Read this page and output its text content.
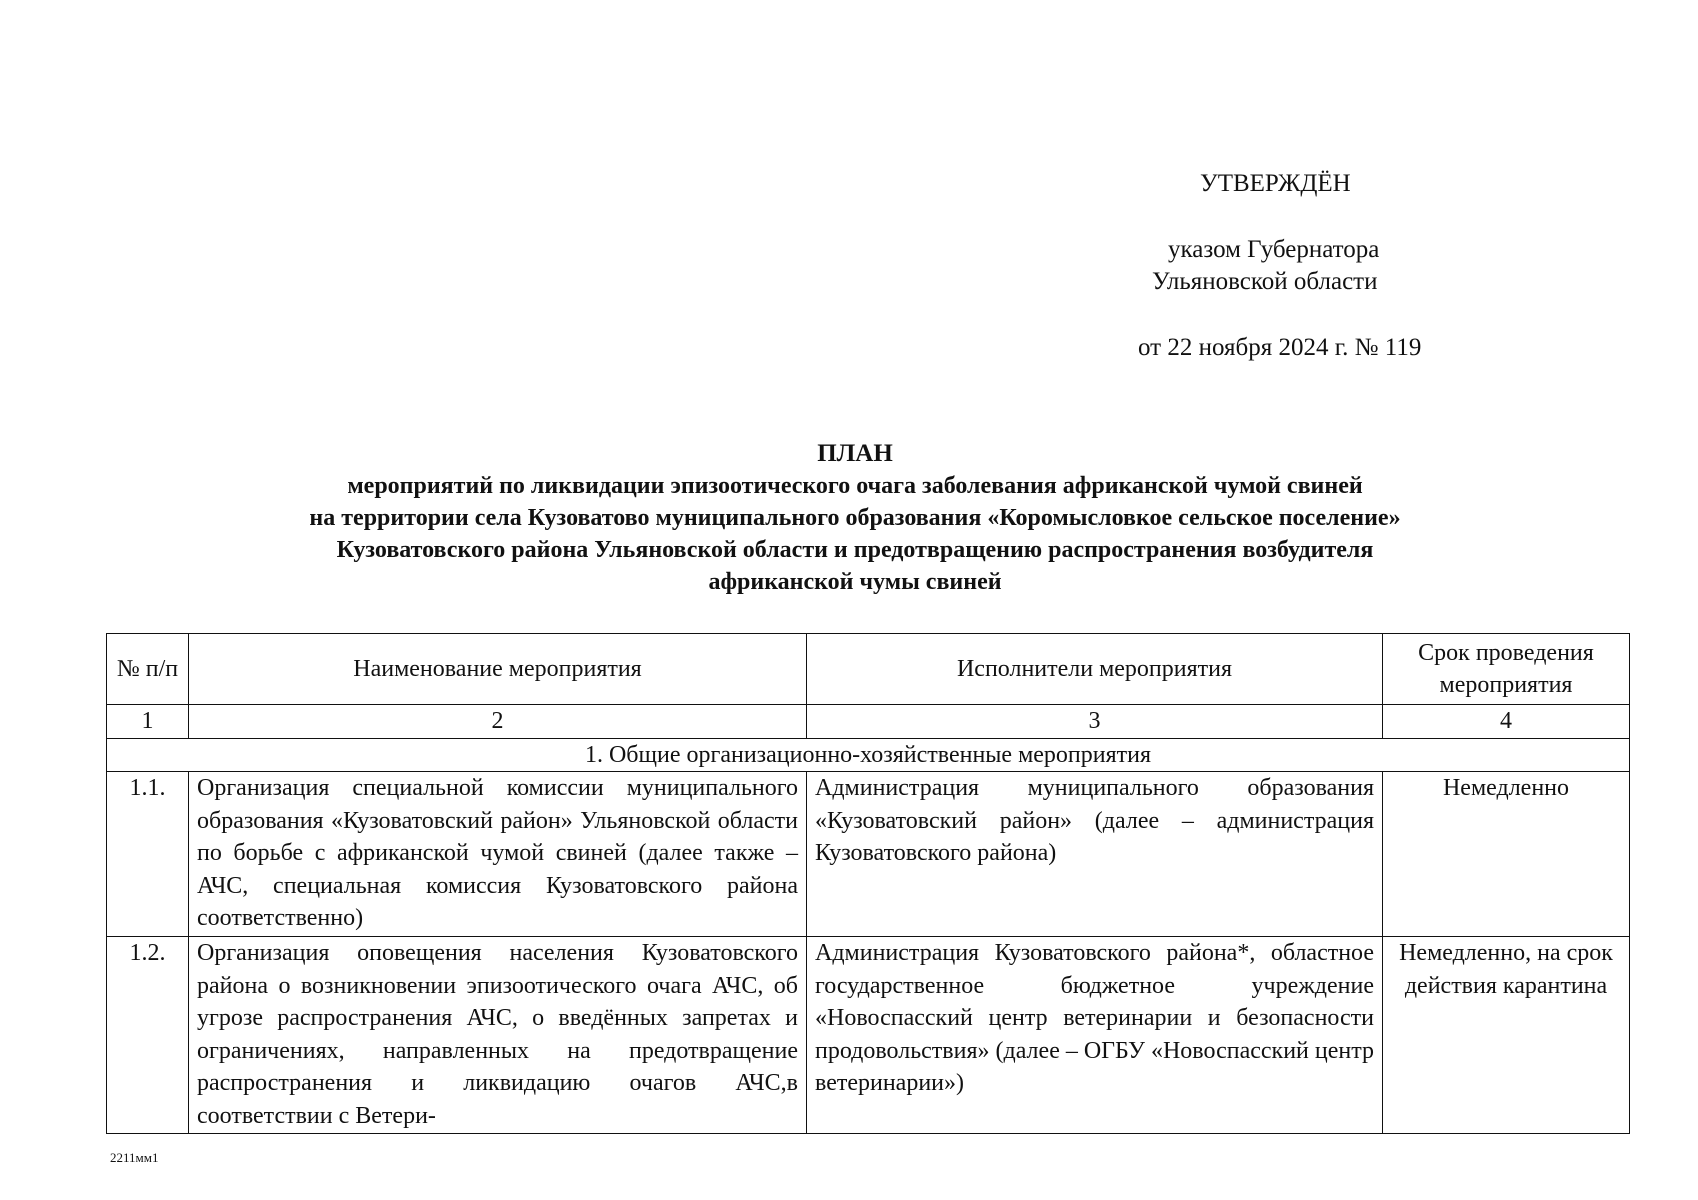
УТВЕРЖДЁН
указом Губернатора
Ульяновской области
от 22 ноября 2024 г. № 119
ПЛАН
мероприятий по ликвидации эпизоотического очага заболевания африканской чумой свиней
на территории села Кузоватово муниципального образования «Коромысловкое сельское поселение»
Кузоватовского района Ульяновской области и предотвращению распространения возбудителя
африканской чумы свиней
№ п/п	Наименование мероприятия	Исполнители мероприятия	Срок проведения мероприятия
1	2	3	4
1. Общие организационно-хозяйственные мероприятия			
1.1.	Организация специальной комиссии муниципального образования «Кузоватовский район» Ульяновской области по борьбе с африканской чумой свиней (далее также – АЧС, специальная комиссия Кузоватовского района соответственно)	Администрация муниципального образования «Кузоватовский район» (далее – администрация Кузоватовского района)	Немедленно
1.2.	Организация оповещения населения Кузоватовского района о возникновении эпизоотического очага АЧС, об угрозе распространения АЧС, о введённых запретах и ограничениях, направленных на предотвращение распространения и ликвидацию очагов АЧС,в соответствии с Ветери-	Администрация Кузоватовского района*, областное государственное бюджетное учреждение «Новоспасский центр ветеринарии и безопасности продовольствия» (далее – ОГБУ «Новоспасский центр ветеринарии»)	Немедленно, на срок действия карантина
2211мм1
